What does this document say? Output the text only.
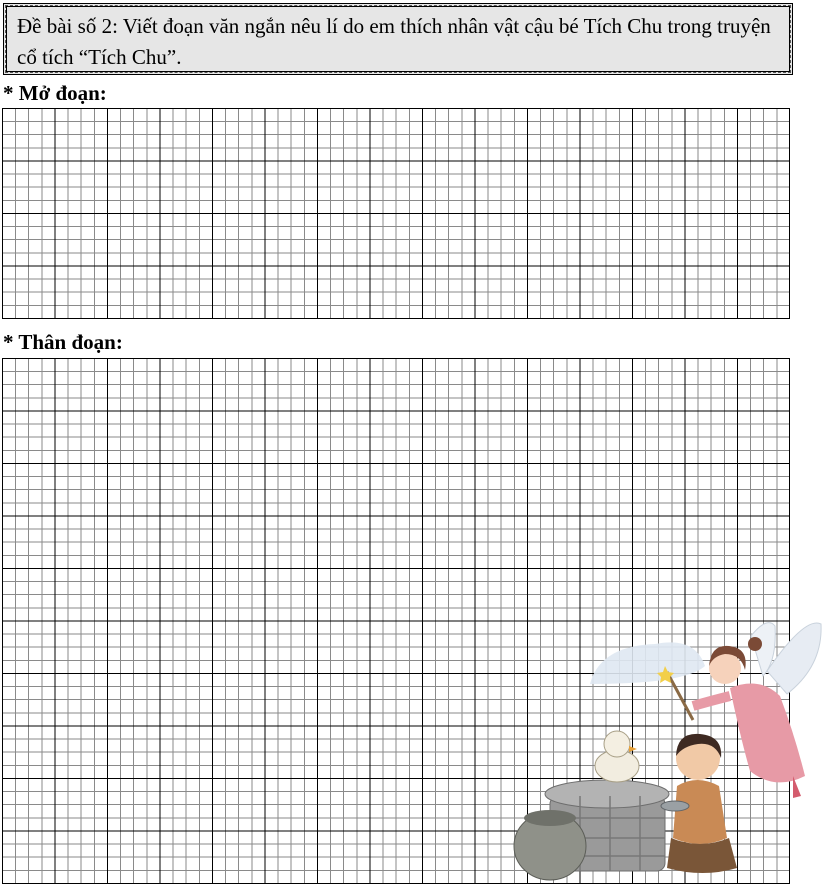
Đề bài số 2: Viết đoạn văn ngắn nêu lí do em thích nhân vật cậu bé Tích Chu trong truyện cổ tích “Tích Chu”.
* Mở đoạn:
* Thân đoạn:
